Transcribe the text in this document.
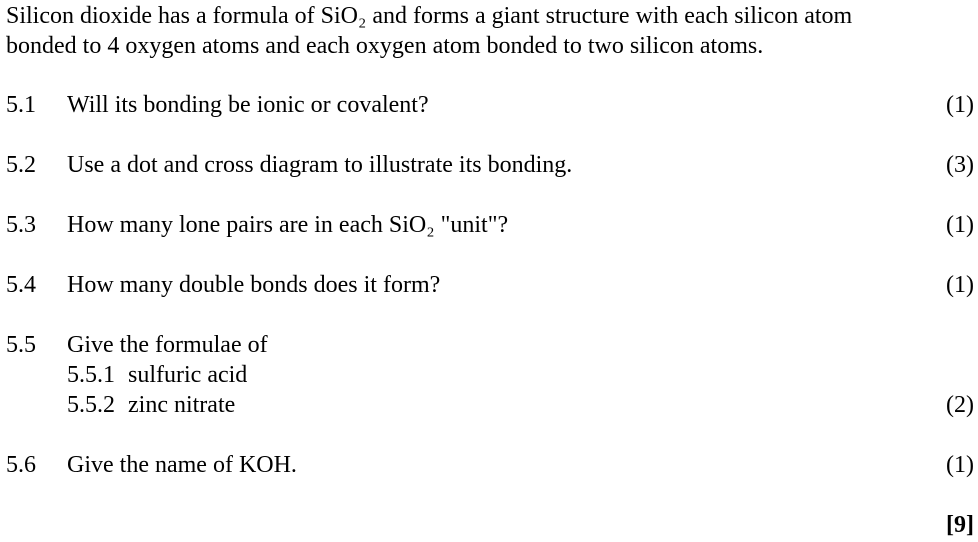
Silicon dioxide has a formula of SiO₂ and forms a giant structure with each silicon atom
bonded to 4 oxygen atoms and each oxygen atom bonded to two silicon atoms.
5.1 Will its bonding be ionic or covalent?	(1)
5.2 Use a dot and cross diagram to illustrate its bonding.	(3)
5.3 How many lone pairs are in each SiO₂ "unit"?	(1)
5.4 How many double bonds does it form?	(1)
5.5 Give the formulae of
5.5.1 sulfuric acid
5.5.2 zinc nitrate	(2)
5.6 Give the name of KOH.	(1)
[9]
